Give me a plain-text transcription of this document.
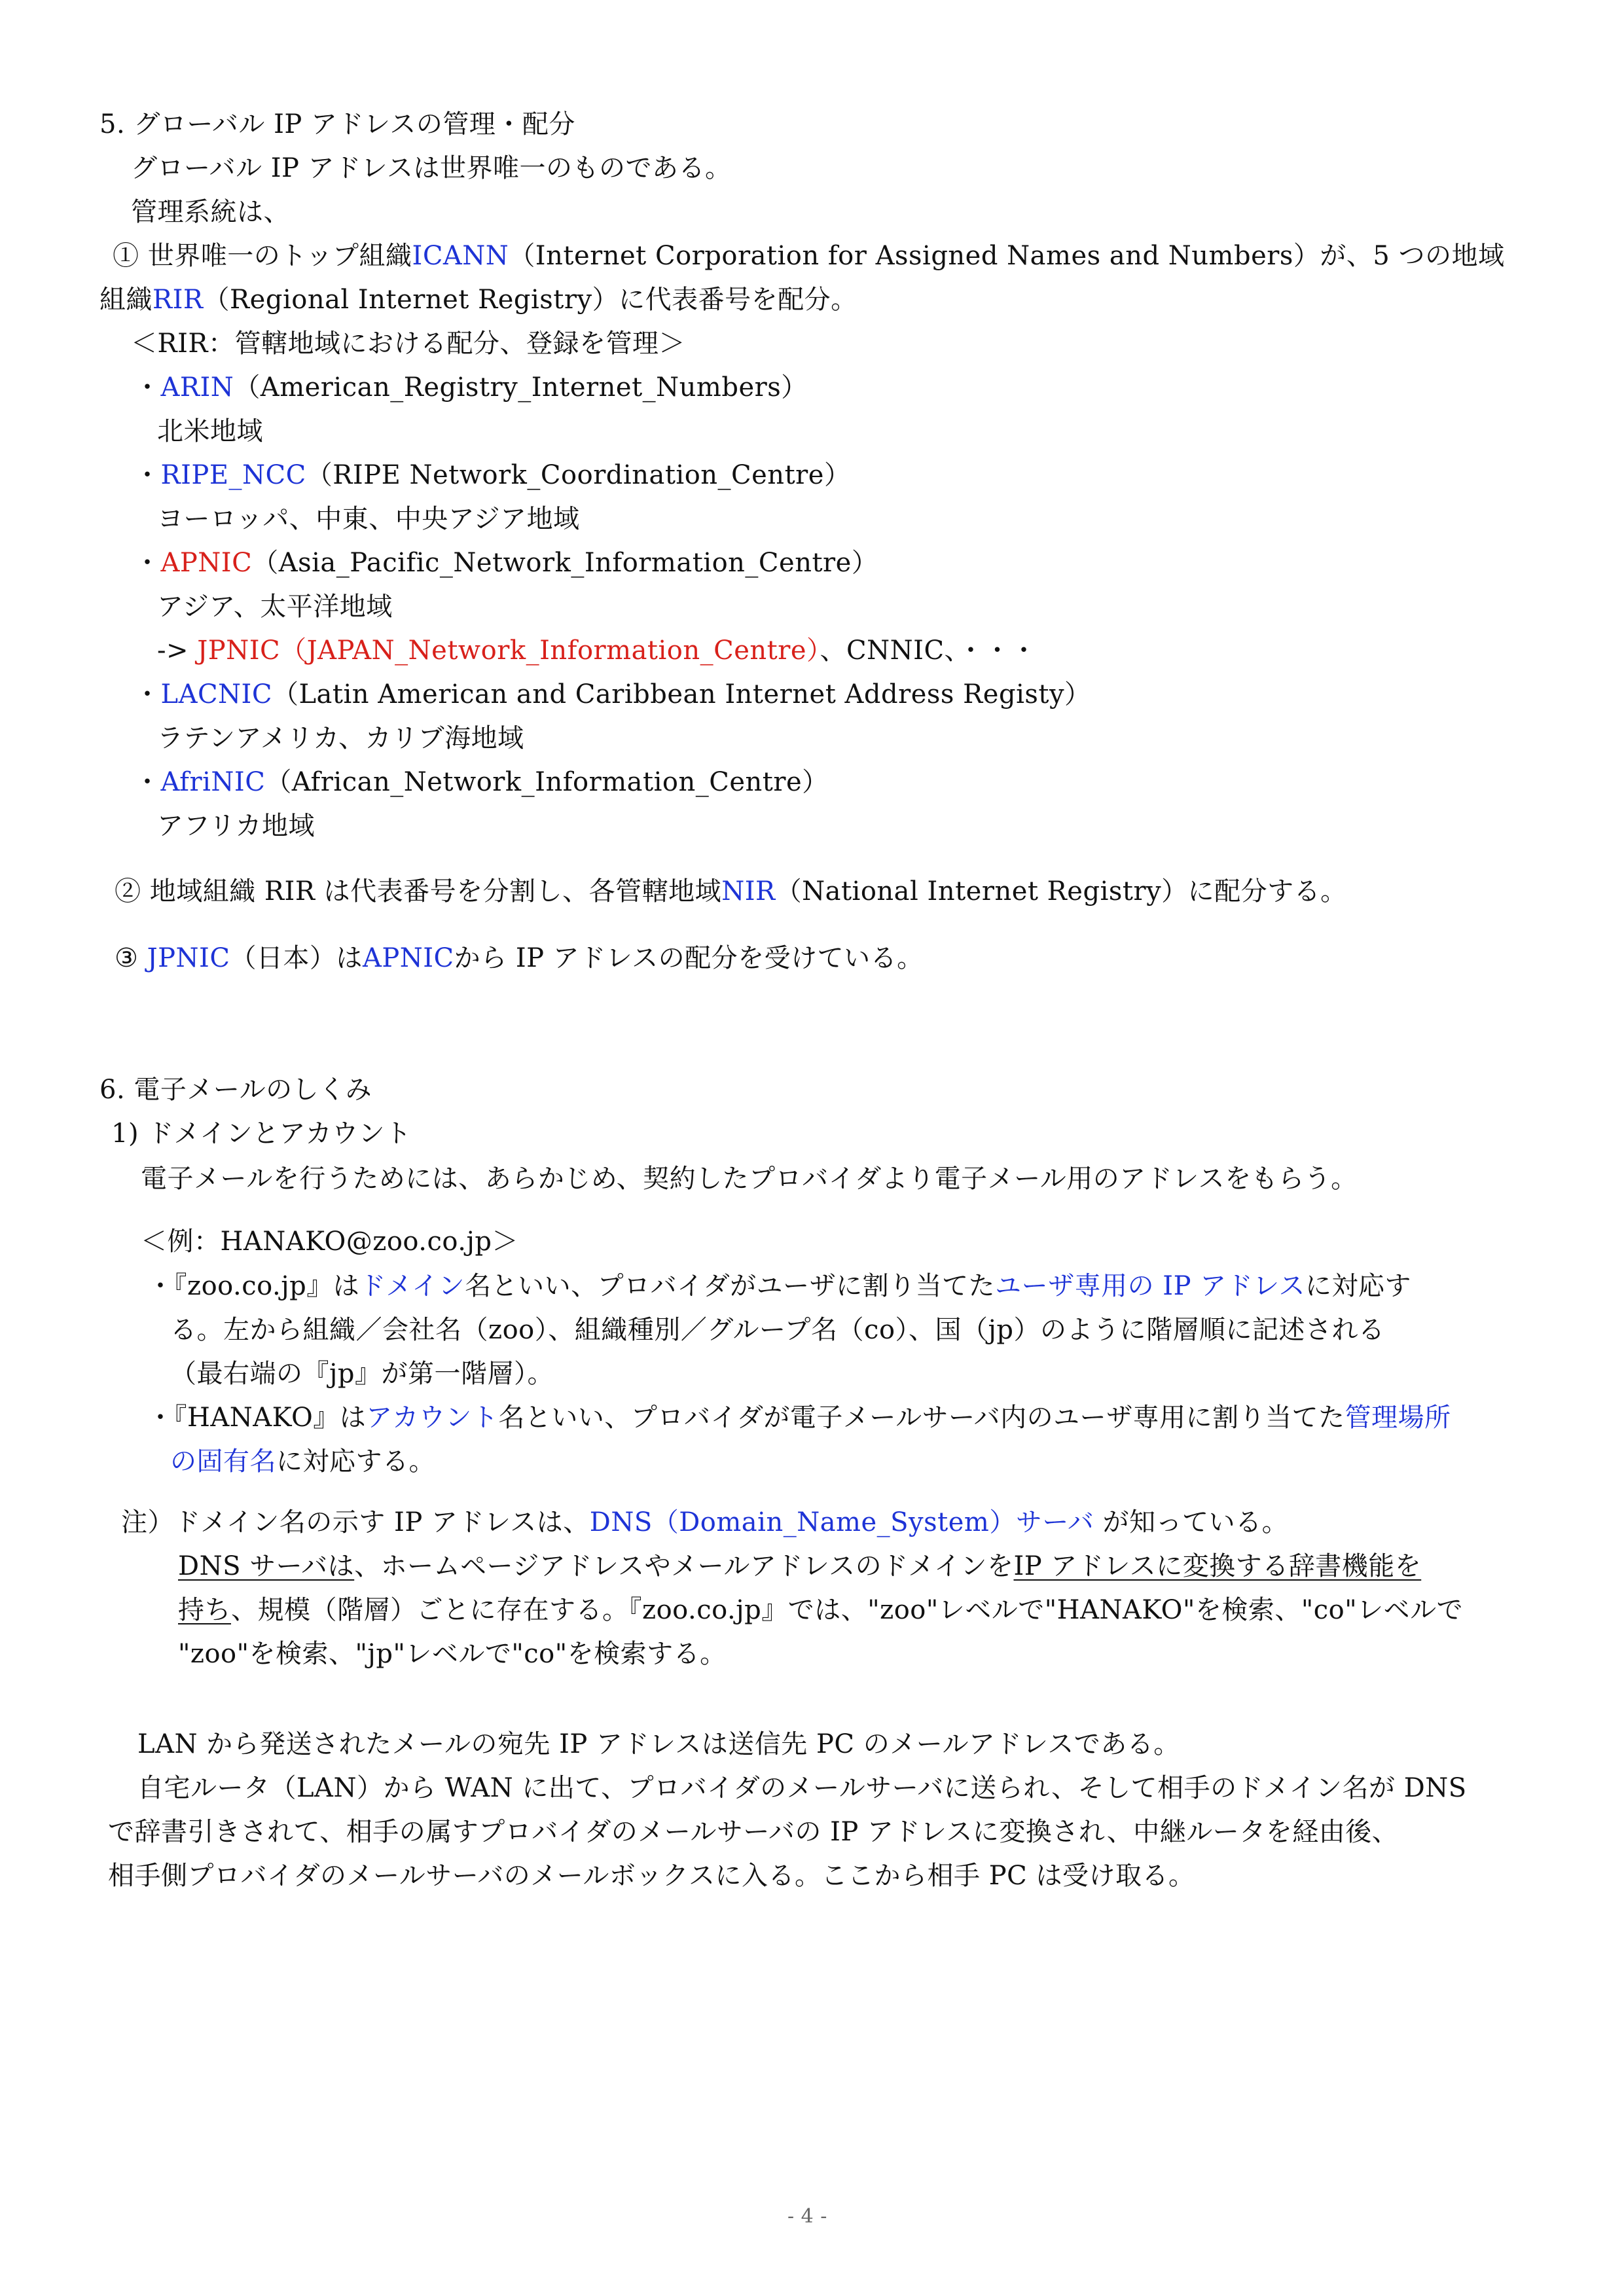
5. グローバル IP アドレスの管理・配分
グローバル IP アドレスは世界唯一のものである。
管理系統は、
① 世界唯一のトップ組織ICANN（Internet Corporation for Assigned Names and Numbers）が、5 つの地域
組織RIR（Regional Internet Registry）に代表番号を配分。
＜RIR：管轄地域における配分、登録を管理＞
・ARIN（American_Registry_Internet_Numbers）
北米地域
・RIPE_NCC（RIPE Network_Coordination_Centre）
ヨーロッパ、中東、中央アジア地域
・APNIC（Asia_Pacific_Network_Information_Centre）
アジア、太平洋地域
-> JPNIC（JAPAN_Network_Information_Centre）、CNNIC、・・・
・LACNIC（Latin American and Caribbean Internet Address Registy）
ラテンアメリカ、カリブ海地域
・AfriNIC（African_Network_Information_Centre）
アフリカ地域
② 地域組織 RIR は代表番号を分割し、各管轄地域NIR（National Internet Registry）に配分する。
③ JPNIC（日本）はAPNICから IP アドレスの配分を受けている。
6. 電子メールのしくみ
1) ドメインとアカウント
電子メールを行うためには、あらかじめ、契約したプロバイダより電子メール用のアドレスをもらう。
＜例：HANAKO@zoo.co.jp＞
・『zoo.co.jp』はドメイン名といい、プロバイダがユーザに割り当てたユーザ専用の IP アドレスに対応す
る。左から組織／会社名（zoo）、組織種別／グループ名（co）、国（jp）のように階層順に記述される
（最右端の『jp』が第一階層）。
・『HANAKO』はアカウント名といい、プロバイダが電子メールサーバ内のユーザ専用に割り当てた管理場所
の固有名に対応する。
注）ドメイン名の示す IP アドレスは、DNS（Domain_Name_System）サーバ が知っている。
DNS サーバは、ホームページアドレスやメールアドレスのドメインをIP アドレスに変換する辞書機能を
持ち、規模（階層）ごとに存在する。『zoo.co.jp』では、"zoo"レベルで"HANAKO"を検索、"co"レベルで
"zoo"を検索、"jp"レベルで"co"を検索する。
LAN から発送されたメールの宛先 IP アドレスは送信先 PC のメールアドレスである。
自宅ルータ（LAN）から WAN に出て、プロバイダのメールサーバに送られ、そして相手のドメイン名が DNS
で辞書引きされて、相手の属すプロバイダのメールサーバの IP アドレスに変換され、中継ルータを経由後、
相手側プロバイダのメールサーバのメールボックスに入る。ここから相手 PC は受け取る。
- 4 -
